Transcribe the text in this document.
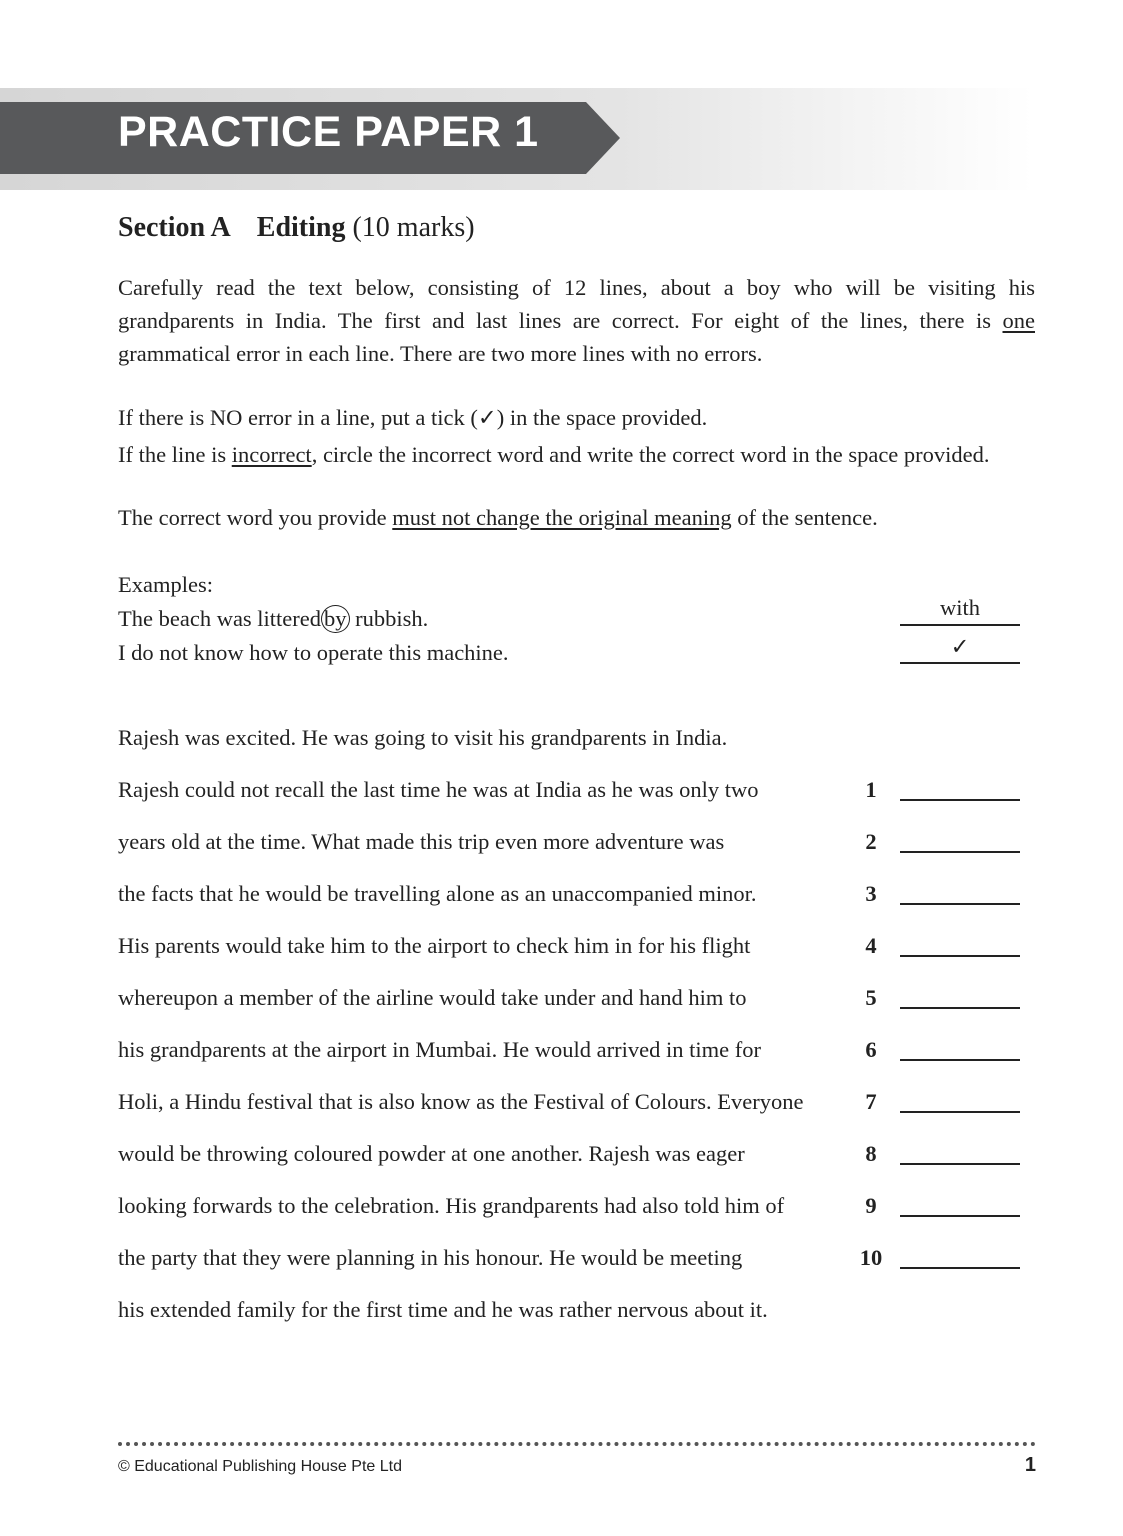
PRACTICE PAPER 1
Section A Editing (10 marks)
Carefully read the text below, consisting of 12 lines, about a boy who will be visiting his grandparents in India. The first and last lines are correct. For eight of the lines, there is one grammatical error in each line. There are two more lines with no errors.
If there is NO error in a line, put a tick (✓) in the space provided.
If the line is incorrect, circle the incorrect word and write the correct word in the space provided.
The correct word you provide must not change the original meaning of the sentence.
Examples:
The beach was littered by rubbish.	with
I do not know how to operate this machine.	✓
Rajesh was excited. He was going to visit his grandparents in India.
Rajesh could not recall the last time he was at India as he was only two	1
years old at the time. What made this trip even more adventure was	2
the facts that he would be travelling alone as an unaccompanied minor.	3
His parents would take him to the airport to check him in for his flight	4
whereupon a member of the airline would take under and hand him to	5
his grandparents at the airport in Mumbai. He would arrived in time for	6
Holi, a Hindu festival that is also know as the Festival of Colours. Everyone	7
would be throwing coloured powder at one another. Rajesh was eager	8
looking forwards to the celebration. His grandparents had also told him of	9
the party that they were planning in his honour. He would be meeting	10
his extended family for the first time and he was rather nervous about it.
© Educational Publishing House Pte Ltd	1
